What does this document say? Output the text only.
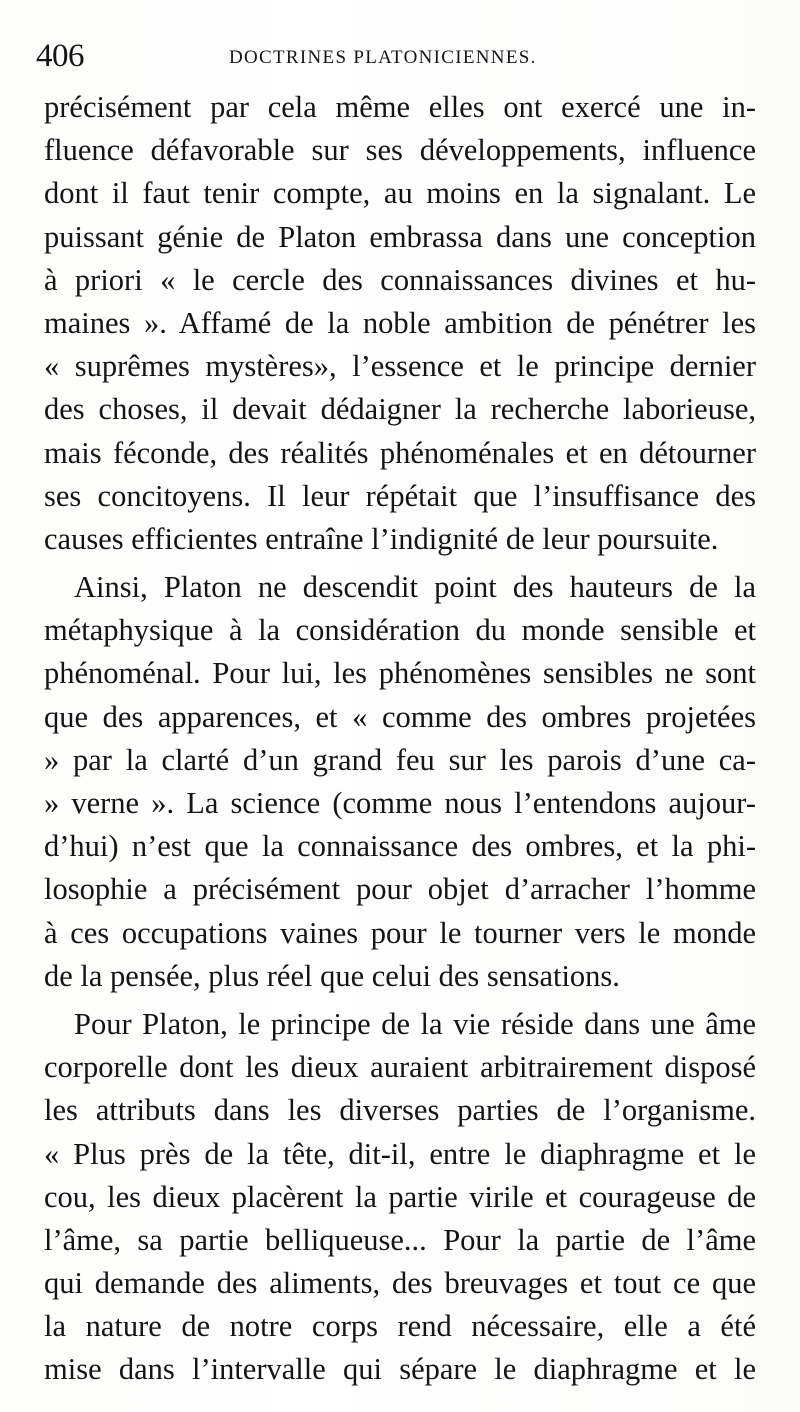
406	DOCTRINES PLATONICIENNES.
précisément par cela même elles ont exercé une in-
fluence défavorable sur ses développements, influence
dont il faut tenir compte, au moins en la signalant. Le
puissant génie de Platon embrassa dans une conception
à priori « le cercle des connaissances divines et hu-
maines ». Affamé de la noble ambition de pénétrer les
« suprêmes mystères», l’essence et le principe dernier
des choses, il devait dédaigner la recherche laborieuse,
mais féconde, des réalités phénoménales et en détourner
ses concitoyens. Il leur répétait que l’insuffisance des
causes efficientes entraîne l’indignité de leur poursuite.
Ainsi, Platon ne descendit point des hauteurs de la
métaphysique à la considération du monde sensible et
phénoménal. Pour lui, les phénomènes sensibles ne sont
que des apparences, et « comme des ombres projetées
» par la clarté d’un grand feu sur les parois d’une ca-
» verne ». La science (comme nous l’entendons aujour-
d’hui) n’est que la connaissance des ombres, et la phi-
losophie a précisément pour objet d’arracher l’homme
à ces occupations vaines pour le tourner vers le monde
de la pensée, plus réel que celui des sensations.
Pour Platon, le principe de la vie réside dans une âme
corporelle dont les dieux auraient arbitrairement disposé
les attributs dans les diverses parties de l’organisme.
« Plus près de la tête, dit-il, entre le diaphragme et le
cou, les dieux placèrent la partie virile et courageuse de
l’âme, sa partie belliqueuse... Pour la partie de l’âme
qui demande des aliments, des breuvages et tout ce que
la nature de notre corps rend nécessaire, elle a été
mise dans l’intervalle qui sépare le diaphragme et le
